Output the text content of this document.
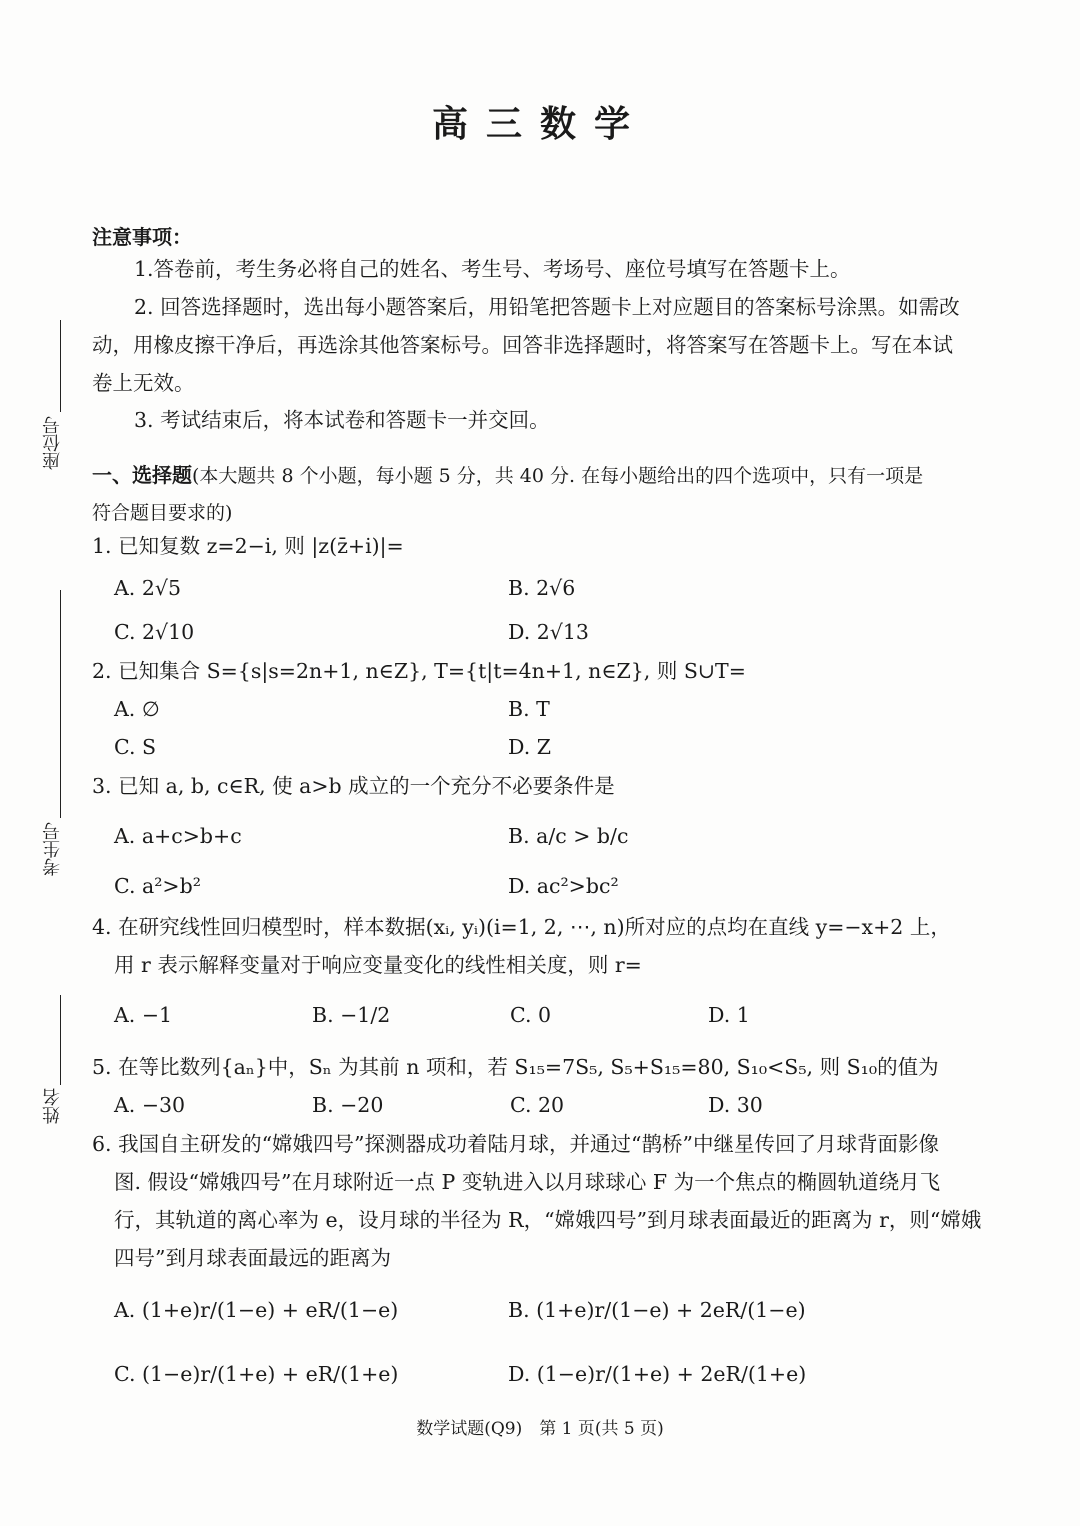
高三数学
座位号
考生号
姓名
注意事项：
1.答卷前，考生务必将自己的姓名、考生号、考场号、座位号填写在答题卡上。
2. 回答选择题时，选出每小题答案后，用铅笔把答题卡上对应题目的答案标号涂黑。如需改
动，用橡皮擦干净后，再选涂其他答案标号。回答非选择题时，将答案写在答题卡上。写在本试
卷上无效。
3. 考试结束后，将本试卷和答题卡一并交回。
一、选择题(本大题共 8 个小题，每小题 5 分，共 40 分. 在每小题给出的四个选项中，只有一项是
符合题目要求的)
1. 已知复数 z=2−i, 则 |z(z̄+i)|=
A. 2√5	B. 2√6
C. 2√10	D. 2√13
2. 已知集合 S={s|s=2n+1, n∈Z}, T={t|t=4n+1, n∈Z}, 则 S∪T=
A. ∅	B. T
C. S	D. Z
3. 已知 a, b, c∈R, 使 a>b 成立的一个充分不必要条件是
A. a+c>b+c	B. a/c > b/c
C. a²>b²	D. ac²>bc²
4. 在研究线性回归模型时，样本数据(xᵢ, yᵢ)(i=1, 2, ⋯, n)所对应的点均在直线 y=−x+2 上，
用 r 表示解释变量对于响应变量变化的线性相关度，则 r=
A. −1	B. −1/2	C. 0	D. 1
5. 在等比数列{aₙ}中，Sₙ 为其前 n 项和，若 S₁₅=7S₅, S₅+S₁₅=80, S₁₀<S₅, 则 S₁₀的值为
A. −30	B. −20	C. 20	D. 30
6. 我国自主研发的“嫦娥四号”探测器成功着陆月球，并通过“鹊桥”中继星传回了月球背面影像
图. 假设“嫦娥四号”在月球附近一点 P 变轨进入以月球球心 F 为一个焦点的椭圆轨道绕月飞
行，其轨道的离心率为 e，设月球的半径为 R，“嫦娥四号”到月球表面最近的距离为 r，则“嫦娥
四号”到月球表面最远的距离为
A. (1+e)r/(1−e) + eR/(1−e)	B. (1+e)r/(1−e) + 2eR/(1−e)
C. (1−e)r/(1+e) + eR/(1+e)	D. (1−e)r/(1+e) + 2eR/(1+e)
数学试题(Q9)　第 1 页(共 5 页)
